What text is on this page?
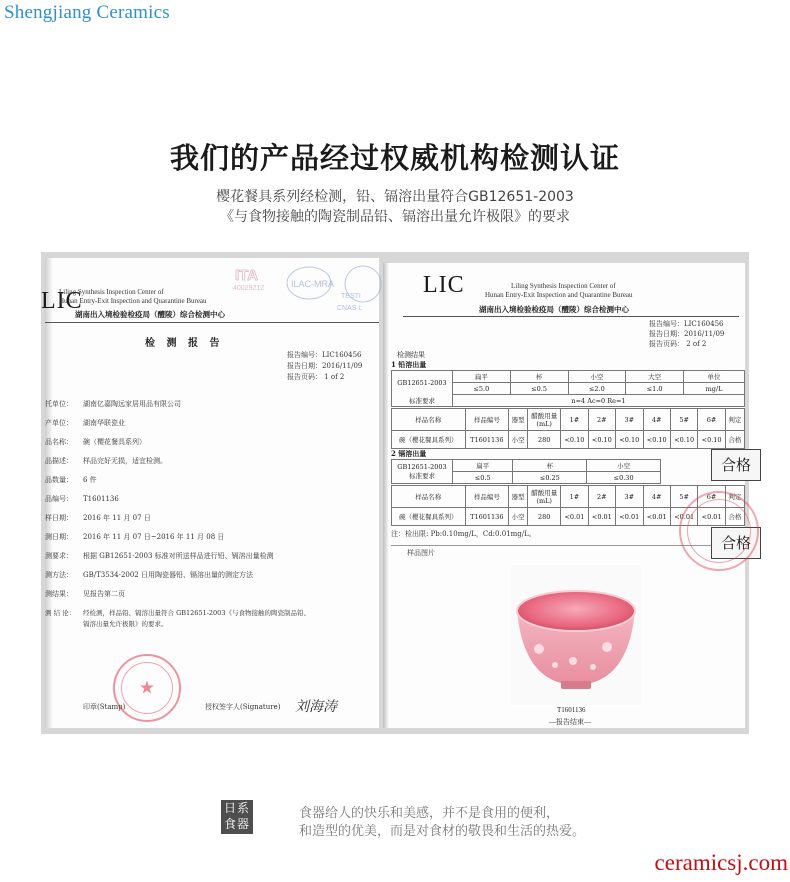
Shengjiang Ceramics
我们的产品经过权威机构检测认证
樱花餐具系列经检测，铅、镉溶出量符合GB12651-2003
《与食物接触的陶瓷制品铅、镉溶出量允许极限》的要求
ITA
4002921Z	ILAC-MRA
TESTI
CNAS L
LIC
Liling Synthesis Inspection Center of
Hunan Entry-Exit Inspection and Quarantine Bureau
湖南出入境检验检疫局（醴陵）综合检测中心
检 测 报 告
报告编号：LIC160456
报告日期：2016/11/09
报告页码： 1 of 2
托单位： 湖南亿嘉陶远家居用品有限公司
产单位： 湖南华联瓷业
品名称： 碗（樱花餐具系列）
品描述： 样品完好无损，适宜检测。
品数量： 6 件
品编号： T1601136
样日期： 2016 年 11 月 07 日
测日期： 2016 年 11 月 07 日~2016 年 11 月 08 日
测要求： 根据 GB12651-2003 标准对所送样品进行铅、镉溶出量检测
测方法： GB/T3534-2002 日用陶瓷器铅、镉溶出量的测定方法
测结果： 见报告第二页
测 结 论： 经检测，样品铅、镉溶出量符合 GB12651-2003《与食物接触的陶瓷制品铅、
镉溶出量允许极限》的要求。
★
印章(Stamp)	授权签字人(Signature) 刘海涛
LIC	Liling Synthesis Inspection Center of
Hunan Entry-Exit Inspection and Quarantine Bureau
湖南出入境检验检疫局（醴陵）综合检测中心
报告编号：LIC160456
报告日期：2016/11/09
报告页码： 2 of 2
检测结果
1 铅溶出量
GB12651-2003	扁平	杯	小空	大空	单位
	≤5.0	≤0.5	≤2.0	≤1.0	mg/L
标准要求	n=4 Ac=0 Re=1				
样品名称	样品编号	器型	醋酸用量(mL)	1#	2#	3#	4#	5#	6#	判定
碗（樱花餐具系列）	T1601136	小空	280	<0.10	<0.10	<0.10	<0.10	<0.10	<0.10	合格
2 镉溶出量
GB12651-2003
标准要求	扁平	杯	小空
	≤0.5	≤0.25	≤0.30
样品名称	样品编号	器型	醋酸用量(mL)	1#	2#	3#	4#	5#	6#	判定
碗（樱花餐具系列）	T1601136	小空	280	<0.01	<0.01	<0.01	<0.01	<0.01	<0.01	合格
注：检出限: Pb:0.10mg/L，Cd:0.01mg/L。
样品图片
T1601136
—报告结束—
合格
合格
日系
食器
食器给人的快乐和美感，并不是食用的便利，
和造型的优美，而是对食材的敬畏和生活的热爱。
ceramicsj.com
